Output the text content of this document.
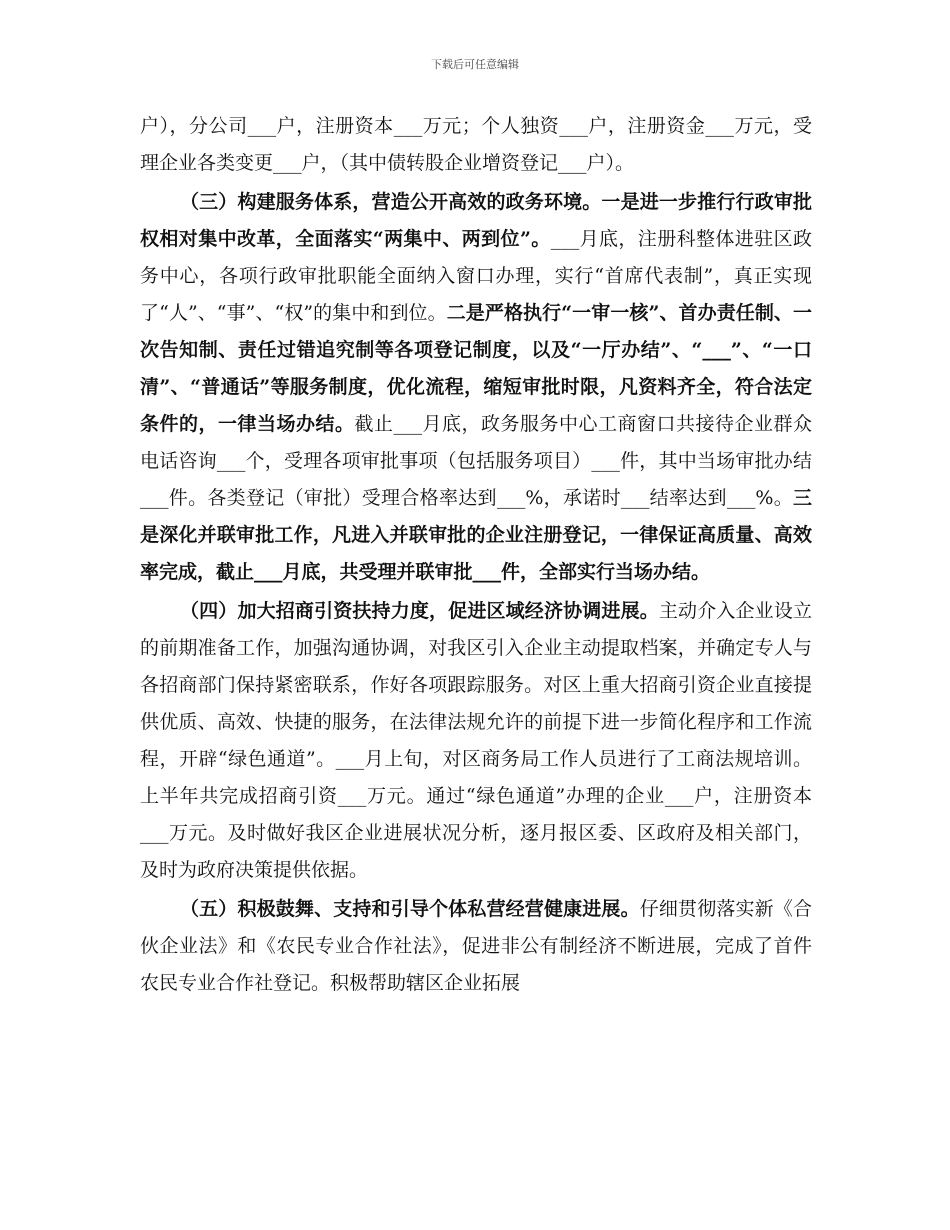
下载后可任意编辑

户），分公司___户，注册资本___万元；个人独资___户，注册资金___万元，受理企业各类变更___户，（其中债转股企业增资登记___户）。

（三）构建服务体系，营造公开高效的政务环境。一是进一步推行行政审批权相对集中改革，全面落实“两集中、两到位”。___月底，注册科整体进驻区政务中心，各项行政审批职能全面纳入窗口办理，实行“首席代表制”，真正实现了“人”、“事”、“权”的集中和到位。二是严格执行“一审一核”、首办责任制、一次告知制、责任过错追究制等各项登记制度，以及“一厅办结”、“___”、“一口清”、“普通话”等服务制度，优化流程，缩短审批时限，凡资料齐全，符合法定条件的，一律当场办结。截止___月底，政务服务中心工商窗口共接待企业群众电话咨询___个，受理各项审批事项（包括服务项目）___件，其中当场审批办结___件。各类登记（审批）受理合格率达到___%，承诺时___结率达到___%。三是深化并联审批工作，凡进入并联审批的企业注册登记，一律保证高质量、高效率完成，截止___月底，共受理并联审批___件，全部实行当场办结。

（四）加大招商引资扶持力度，促进区域经济协调进展。主动介入企业设立的前期准备工作，加强沟通协调，对我区引入企业主动提取档案，并确定专人与各招商部门保持紧密联系，作好各项跟踪服务。对区上重大招商引资企业直接提供优质、高效、快捷的服务，在法律法规允许的前提下进一步简化程序和工作流程，开辟“绿色通道”。___月上旬，对区商务局工作人员进行了工商法规培训。上半年共完成招商引资___万元。通过“绿色通道”办理的企业___户，注册资本___万元。及时做好我区企业进展状况分析，逐月报区委、区政府及相关部门，及时为政府决策提供依据。

（五）积极鼓舞、支持和引导个体私营经营健康进展。仔细贯彻落实新《合伙企业法》和《农民专业合作社法》，促进非公有制经济不断进展，完成了首件农民专业合作社登记。积极帮助辖区企业拓展
